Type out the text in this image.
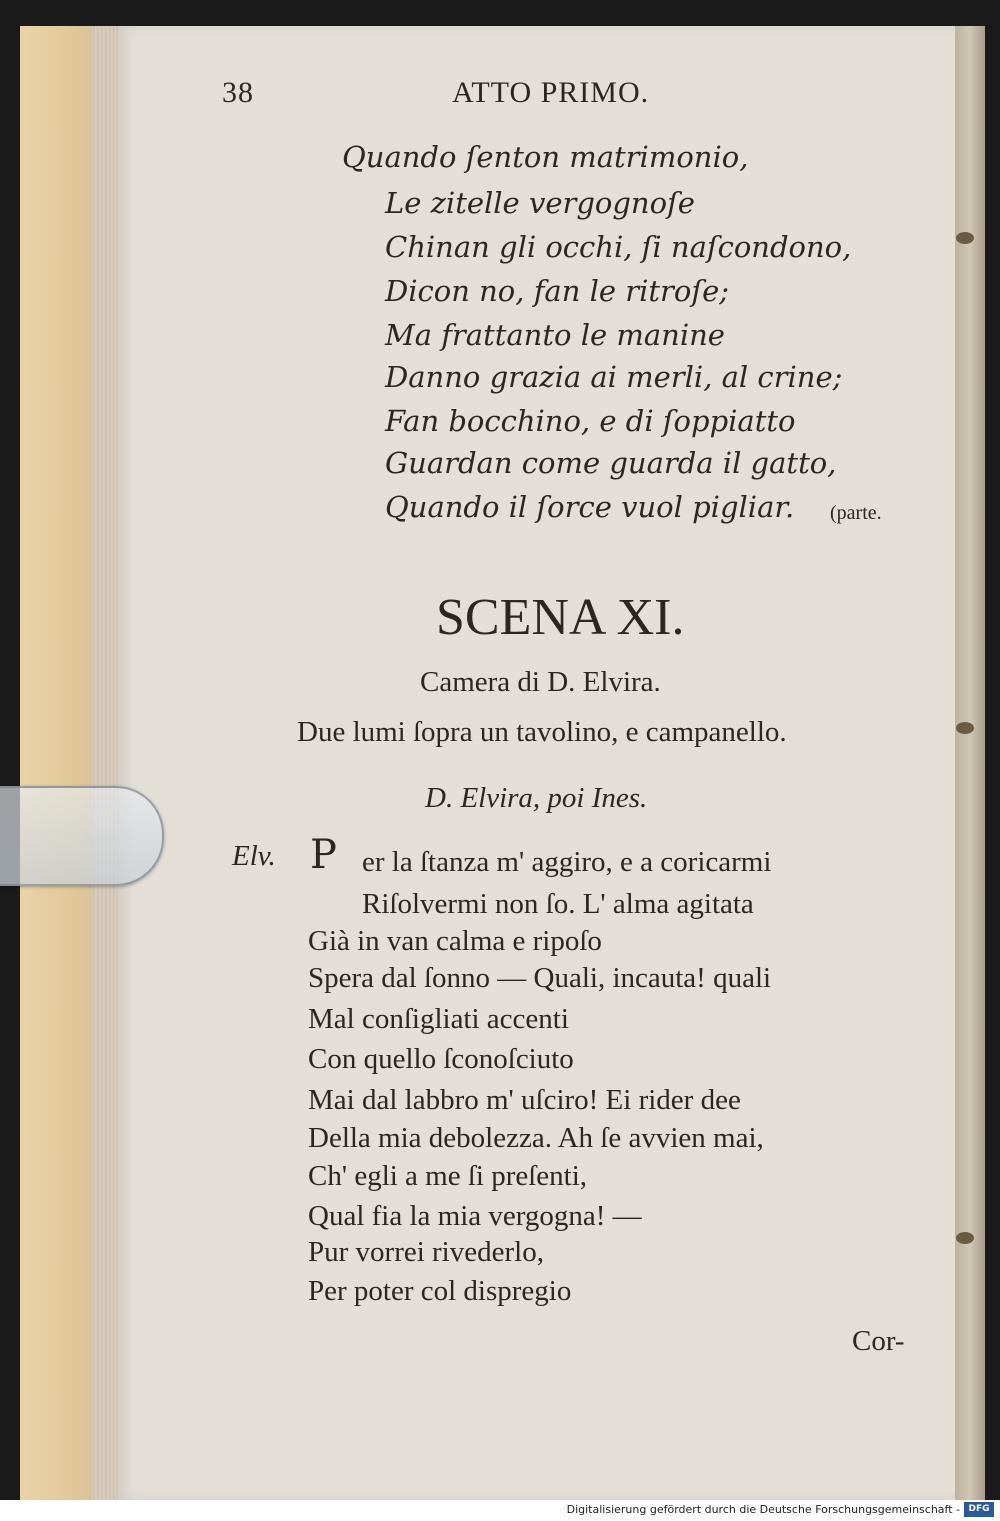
38	ATTO PRIMO.
Quando ſenton matrimonio,
Le zitelle vergognoſe
Chinan gli occhi, ſi naſcondono,
Dicon no, fan le ritroſe;
Ma frattanto le manine
Danno grazia ai merli, al crine;
Fan bocchino, e di ſoppiatto
Guardan come guarda il gatto,
Quando il ſorce vuol pigliar. (parte.
SCENA XI.
Camera di D. Elvira.
Due lumi ſopra un tavolino, e campanello.
D. Elvira, poi Ines.
Elv. P er la ſtanza m' aggiro, e a coricarmi
Riſolvermi non ſo. L' alma agitata
Già in van calma e ripoſo
Spera dal ſonno — Quali, incauta! quali
Mal conſigliati accenti
Con quello ſconoſciuto
Mai dal labbro m' uſciro! Ei rider dee
Della mia debolezza. Ah ſe avvien mai,
Ch' egli a me ſi preſenti,
Qual fia la mia vergogna! —
Pur vorrei rivederlo,
Per poter col dispregio
Cor-
Digitalisierung gefördert durch die Deutsche Forschungsgemeinschaft - DFG
